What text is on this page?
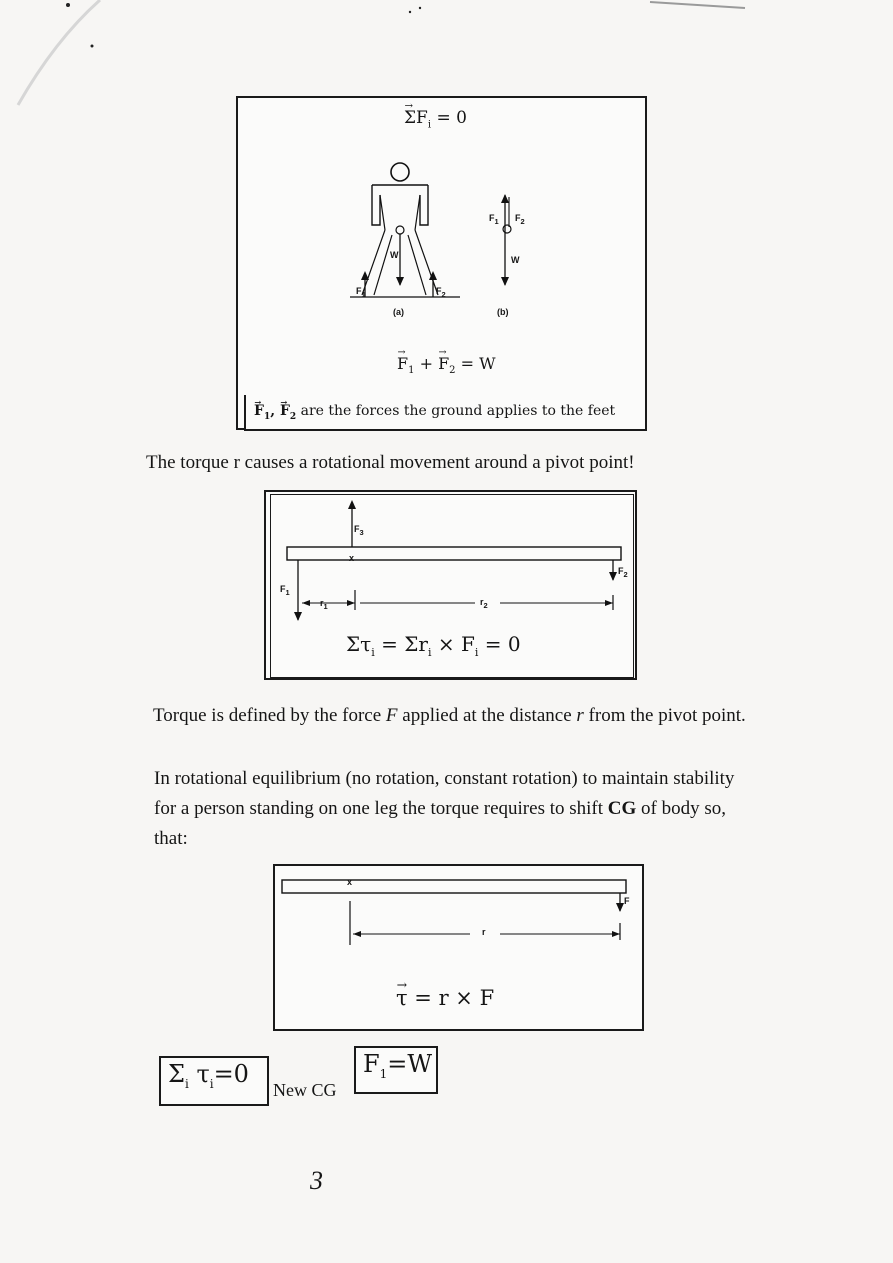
→ $\Sigma F_i = 0$
W
$F_1$	$F_2$
$F_1$ $F_2$
W
(a)	(b)
→ $F_1$ + → $F_2 = W$
→ $F_1$, → $F_2$ are the forces the ground applies to the feet
The torque r causes a rotational movement around a pivot point!
$F_3$
x
$F_1$
$F_2$
$r_1$	$r_2$
$\Sigma\tau_i = \Sigma r_i \times F_i = 0$
Torque is defined by the force F applied at the distance r from the pivot point.
In rotational equilibrium (no rotation, constant rotation) to maintain stability for a person standing on one leg the torque requires to shift CG of body so, that:
x
F
r
→ τ = r × F
$\Sigma_i$ $\tau_i=0$
New CG
$F_1=W$
3
